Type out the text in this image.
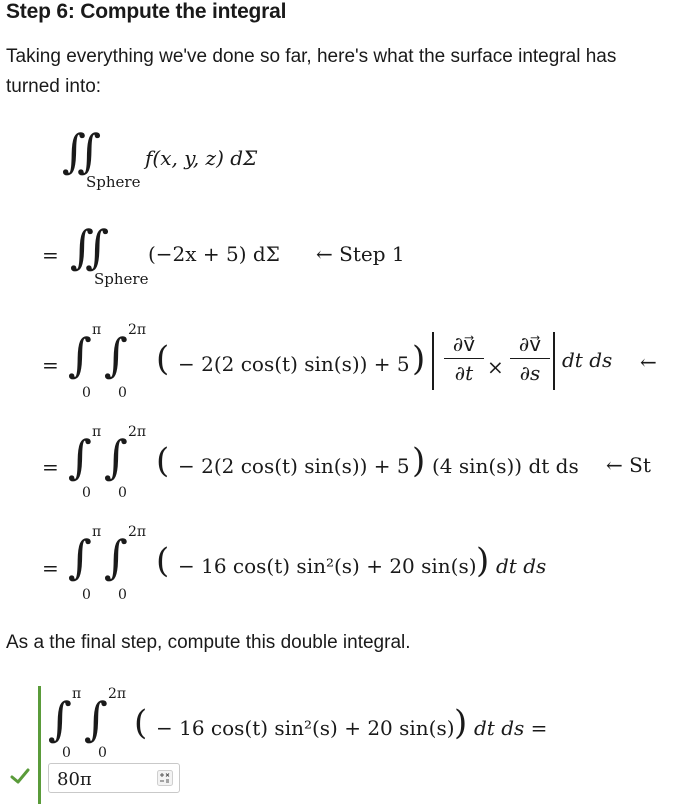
Step 6: Compute the integral
Taking everything we've done so far, here's what the surface integral has turned into:
∬
Sphere
f(x, y, z) dΣ
= ∬
Sphere
(−2x + 5) dΣ ← Step 1
= ∫ π
0
∫ 2π
0
( − 2(2 cos(t) sin(s)) + 5 )	∂v⃗
∂t ×
∂v⃗
∂s
dt ds ←
= ∫ π
0
∫ 2π
0
( − 2(2 cos(t) sin(s)) + 5 ) (4 sin(s)) dt ds ← St
= ∫ π
0
∫ 2π
0
( − 16 cos(t) sin²(s) + 20 sin(s) ) dt ds
As a the final step, compute this double integral.
∫ π
0
∫ 2π
0
( − 16 cos(t) sin²(s) + 20 sin(s) ) dt ds =
80π
